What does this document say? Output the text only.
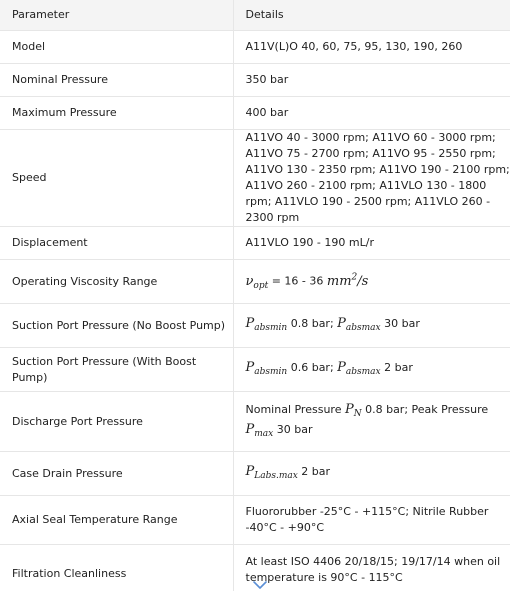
Parameter	Details
Model	A11V(L)O 40, 60, 75, 95, 130, 190, 260
Nominal Pressure	350 bar
Maximum Pressure	400 bar
Speed	A11VO 40 - 3000 rpm; A11VO 60 - 3000 rpm; A11VO 75 - 2700 rpm; A11VO 95 - 2550 rpm; A11VO 130 - 2350 rpm; A11VO 190 - 2100 rpm; A11VO 260 - 2100 rpm; A11VLO 130 - 1800 rpm; A11VLO 190 - 2500 rpm; A11VLO 260 - 2300 rpm
Displacement	A11VLO 190 - 190 mL/r
Operating Viscosity Range	$\nu_{opt} = 16 - 36$ $mm^2/s$
Suction Port Pressure (No Boost Pump)	$P_{absmin}$ 0.8 bar; $P_{absmax}$ 30 bar
Suction Port Pressure (With Boost Pump)	$P_{absmin}$ 0.6 bar; $P_{absmax}$ 2 bar
Discharge Port Pressure	Nominal Pressure $P_N$ 0.8 bar; Peak Pressure $P_{max}$ 30 bar
Case Drain Pressure	$P_{Labs.max}$ 2 bar
Axial Seal Temperature Range	Fluororubber -25°C - +115°C; Nitrile Rubber -40°C - +90°C
Filtration Cleanliness	At least ISO 4406 20/18/15; 19/17/14 when oil temperature is 90°C - 115°C
